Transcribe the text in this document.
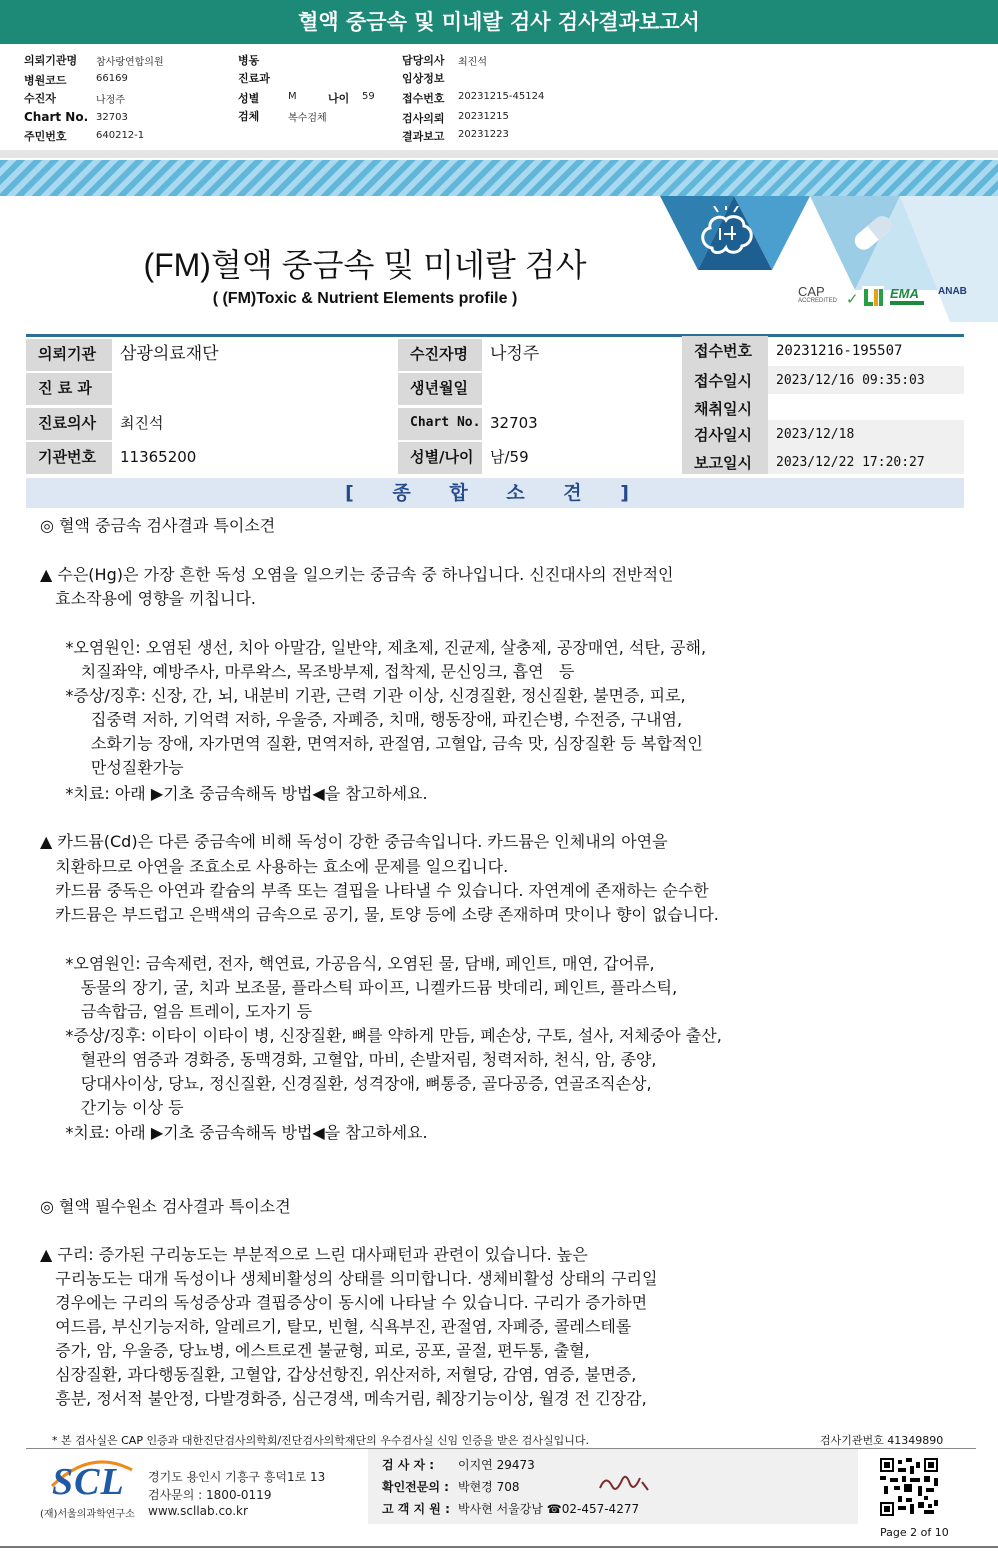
혈액 중금속 및 미네랄 검사 검사결과보고서
의뢰기관명 참사랑연합의원
병원코드	66169
수진자	나정주
Chart No. 32703
주민번호	640212-1
병동
진료과
성별	M	나이 59
검체	복수검체
담당의사 최진석
임상정보
접수번호 20231215-45124
검사의뢰 20231215
결과보고 20231223
(FM)혈액 중금속 및 미네랄 검사
( (FM)Toxic & Nutrient Elements profile )	CAP
ACCREDITED ✓ EMA ANAB
의뢰기관	삼광의료재단
진 료 과
진료의사	최진석
기관번호	11365200
수진자명	나정주
생년월일
Chart No. 32703
성별/나이	남/59
접수번호	20231216-195507
접수일시	2023/12/16 09:35:03
채취일시
검사일시	2023/12/18
보고일시	2023/12/22 17:20:27
[ 종 합 소 견 ]
◎ 혈액 중금속 검사결과 특이소견
▲ 수은(Hg)은 가장 흔한 독성 오염을 일으키는 중금속 중 하나입니다. 신진대사의 전반적인
효소작용에 영향을 끼칩니다.
*오염원인: 오염된 생선, 치아 아말감, 일반약, 제초제, 진균제, 살충제, 공장매연, 석탄, 공해,
치질좌약, 예방주사, 마루왁스, 목조방부제, 접착제, 문신잉크, 흡연   등
*증상/징후: 신장, 간, 뇌, 내분비 기관, 근력 기관 이상, 신경질환, 정신질환, 불면증, 피로,
집중력 저하, 기억력 저하, 우울증, 자폐증, 치매, 행동장애, 파킨슨병, 수전증, 구내염,
소화기능 장애, 자가면역 질환, 면역저하, 관절염, 고혈압, 금속 맛, 심장질환 등 복합적인
만성질환가능
*치료: 아래 ▶기초 중금속해독 방법◀을 참고하세요.
▲ 카드뮴(Cd)은 다른 중금속에 비해 독성이 강한 중금속입니다. 카드뮴은 인체내의 아연을
치환하므로 아연을 조효소로 사용하는 효소에 문제를 일으킵니다.
카드뮴 중독은 아연과 칼슘의 부족 또는 결핍을 나타낼 수 있습니다. 자연계에 존재하는 순수한
카드뮴은 부드럽고 은백색의 금속으로 공기, 물, 토양 등에 소량 존재하며 맛이나 향이 없습니다.
*오염원인: 금속제련, 전자, 핵연료, 가공음식, 오염된 물, 담배, 페인트, 매연, 갑어류,
동물의 장기, 굴, 치과 보조물, 플라스틱 파이프, 니켈카드뮴 밧데리, 페인트, 플라스틱,
금속합금, 얼음 트레이, 도자기 등
*증상/징후: 이타이 이타이 병, 신장질환, 뼈를 약하게 만듬, 폐손상, 구토, 설사, 저체중아 출산,
혈관의 염증과 경화증, 동맥경화, 고혈압, 마비, 손발저림, 청력저하, 천식, 암, 종양,
당대사이상, 당뇨, 정신질환, 신경질환, 성격장애, 뼈통증, 골다공증, 연골조직손상,
간기능 이상 등
*치료: 아래 ▶기초 중금속해독 방법◀을 참고하세요.
◎ 혈액 필수원소 검사결과 특이소견
▲ 구리: 증가된 구리농도는 부분적으로 느린 대사패턴과 관련이 있습니다. 높은
구리농도는 대개 독성이나 생체비활성의 상태를 의미합니다. 생체비활성 상태의 구리일
경우에는 구리의 독성증상과 결핍증상이 동시에 나타날 수 있습니다. 구리가 증가하면
여드름, 부신기능저하, 알레르기, 탈모, 빈혈, 식욕부진, 관절염, 자폐증, 콜레스테롤
증가, 암, 우울증, 당뇨병, 에스트로겐 불균형, 피로, 공포, 골절, 편두통, 출혈,
심장질환, 과다행동질환, 고혈압, 갑상선항진, 위산저하, 저혈당, 감염, 염증, 불면증,
흥분, 정서적 불안정, 다발경화증, 심근경색, 메속거림, 췌장기능이상, 월경 전 긴장감,
* 본 검사실은 CAP 인증과 대한진단검사의학회/진단검사의학재단의 우수검사실 신임 인증을 받은 검사실입니다.	검사기관번호 41349890
SCL
(재)서울의과학연구소
경기도 용인시 기흥구 흥덕1로 13
검사문의 : 1800-0119
www.scllab.co.kr
검 사 자 : 이지연 29473
확인전문의 : 박현경 708
고 객 지 원 : 박사현 서울강남 ☎02-457-4277
Page 2 of 10
